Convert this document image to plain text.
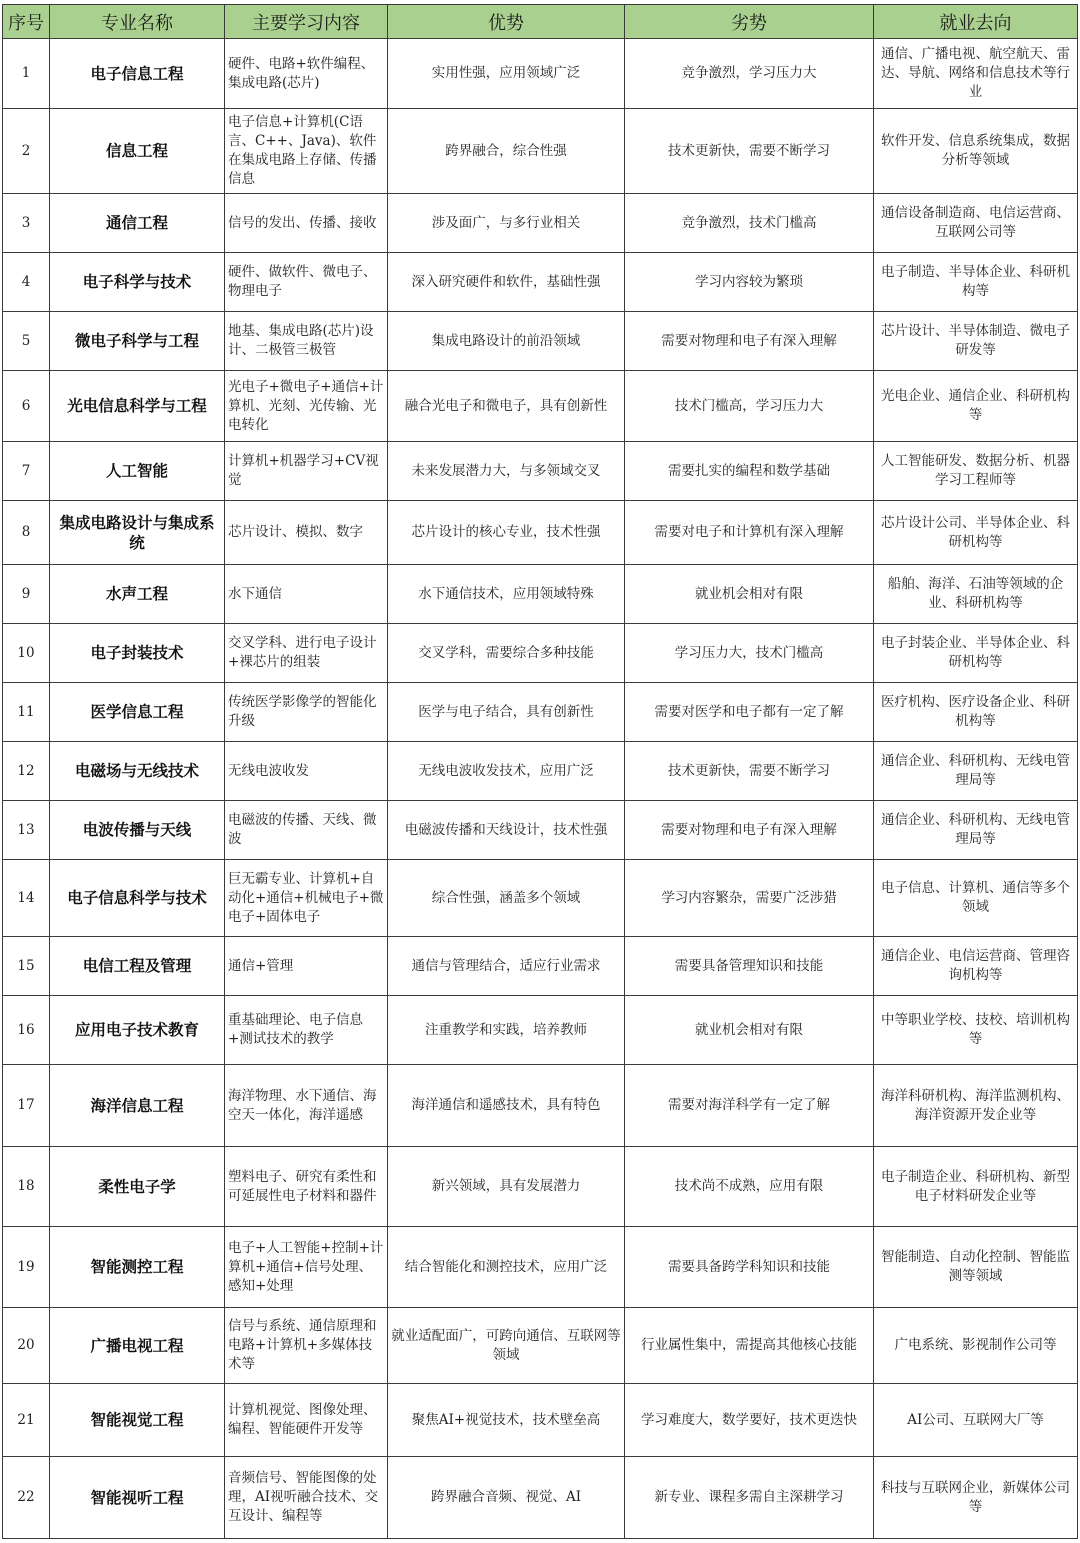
序号	专业名称	主要学习内容	优势	劣势	就业去向
1	电子信息工程	硬件、电路+软件编程、集成电路(芯片)	实用性强，应用领域广泛	竞争激烈，学习压力大	通信、广播电视、航空航天、雷达、导航、网络和信息技术等行业
2	信息工程	电子信息+计算机(C语言、C++、Java)、软件在集成电路上存储、传播信息	跨界融合，综合性强	技术更新快，需要不断学习	软件开发、信息系统集成，数据分析等领域
3	通信工程	信号的发出、传播、接收	涉及面广，与多行业相关	竞争激烈，技术门槛高	通信设备制造商、电信运营商、互联网公司等
4	电子科学与技术	硬件、做软件、微电子、物理电子	深入研究硬件和软件，基础性强	学习内容较为繁琐	电子制造、半导体企业、科研机构等
5	微电子科学与工程	地基、集成电路(芯片)设计、二极管三极管	集成电路设计的前沿领域	需要对物理和电子有深入理解	芯片设计、半导体制造、微电子研发等
6	光电信息科学与工程	光电子+微电子+通信+计算机、光刻、光传输、光电转化	融合光电子和微电子，具有创新性	技术门槛高，学习压力大	光电企业、通信企业、科研机构等
7	人工智能	计算机+机器学习+CV视觉	未来发展潜力大，与多领域交叉	需要扎实的编程和数学基础	人工智能研发、数据分析、机器学习工程师等
8	集成电路设计与集成系统	芯片设计、模拟、数字	芯片设计的核心专业，技术性强	需要对电子和计算机有深入理解	芯片设计公司、半导体企业、科研机构等
9	水声工程	水下通信	水下通信技术，应用领域特殊	就业机会相对有限	船舶、海洋、石油等领域的企业、科研机构等
10	电子封装技术	交叉学科、进行电子设计+裸芯片的组装	交叉学科，需要综合多种技能	学习压力大，技术门槛高	电子封装企业、半导体企业、科研机构等
11	医学信息工程	传统医学影像学的智能化升级	医学与电子结合，具有创新性	需要对医学和电子都有一定了解	医疗机构、医疗设备企业、科研机构等
12	电磁场与无线技术	无线电波收发	无线电波收发技术，应用广泛	技术更新快，需要不断学习	通信企业、科研机构、无线电管理局等
13	电波传播与天线	电磁波的传播、天线、微波	电磁波传播和天线设计，技术性强	需要对物理和电子有深入理解	通信企业、科研机构、无线电管理局等
14	电子信息科学与技术	巨无霸专业、计算机+自动化+通信+机械电子+微电子+固体电子	综合性强，涵盖多个领域	学习内容繁杂，需要广泛涉猎	电子信息、计算机、通信等多个领域
15	电信工程及管理	通信+管理	通信与管理结合，适应行业需求	需要具备管理知识和技能	通信企业、电信运营商、管理咨询机构等
16	应用电子技术教育	重基础理论、电子信息+测试技术的教学	注重教学和实践，培养教师	就业机会相对有限	中等职业学校、技校、培训机构等
17	海洋信息工程	海洋物理、水下通信、海空天一体化，海洋遥感	海洋通信和遥感技术，具有特色	需要对海洋科学有一定了解	海洋科研机构、海洋监测机构、海洋资源开发企业等
18	柔性电子学	塑料电子、研究有柔性和可延展性电子材料和器件	新兴领域，具有发展潜力	技术尚不成熟，应用有限	电子制造企业、科研机构、新型电子材料研发企业等
19	智能测控工程	电子+人工智能+控制+计算机+通信+信号处理、感知+处理	结合智能化和测控技术，应用广泛	需要具备跨学科知识和技能	智能制造、自动化控制、智能监测等领域
20	广播电视工程	信号与系统、通信原理和电路+计算机+多媒体技术等	就业适配面广，可跨向通信、互联网等领域	行业属性集中，需提高其他核心技能	广电系统、影视制作公司等
21	智能视觉工程	计算机视觉、图像处理、编程、智能硬件开发等	聚焦AI+视觉技术，技术壁垒高	学习难度大，数学要好，技术更迭快	AI公司、互联网大厂等
22	智能视听工程	音频信号、智能图像的处理，AI视听融合技术、交互设计、编程等	跨界融合音频、视觉、AI	新专业、课程多需自主深耕学习	科技与互联网企业，新媒体公司等
